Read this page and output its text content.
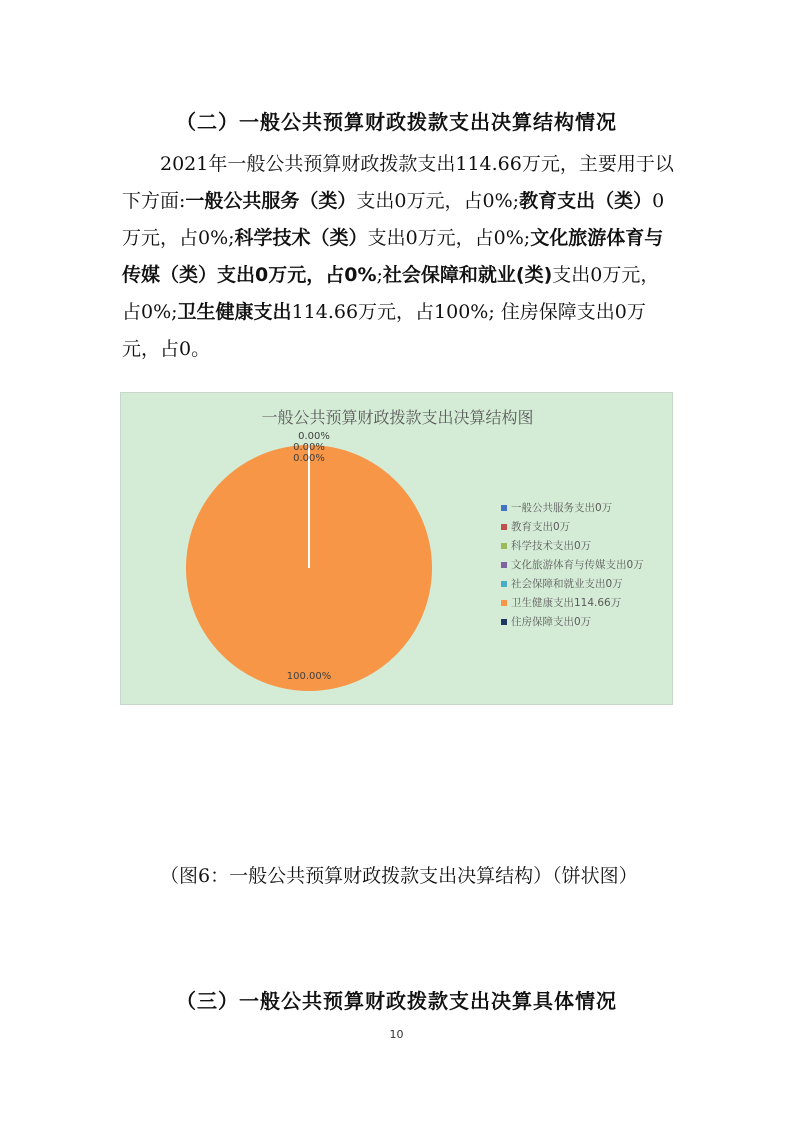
（二）一般公共预算财政拨款支出决算结构情况
2021年一般公共预算财政拨款支出114.66万元，主要用于以下方面:一般公共服务（类）支出0万元，占0%;教育支出（类）0万元，占0%;科学技术（类）支出0万元，占0%;文化旅游体育与传媒（类）支出0万元，占0%;社会保障和就业(类)支出0万元，占0%;卫生健康支出114.66万元，占100%; 住房保障支出0万元，占0。
一般公共预算财政拨款支出决算结构图
0.00%
0.00%
0.00%
100.00%
一般公共服务支出0万
教育支出0万
科学技术支出0万
文化旅游体育与传媒支出0万
社会保障和就业支出0万
卫生健康支出114.66万
住房保障支出0万
（图6：一般公共预算财政拨款支出决算结构）（饼状图）
（三）一般公共预算财政拨款支出决算具体情况
10
